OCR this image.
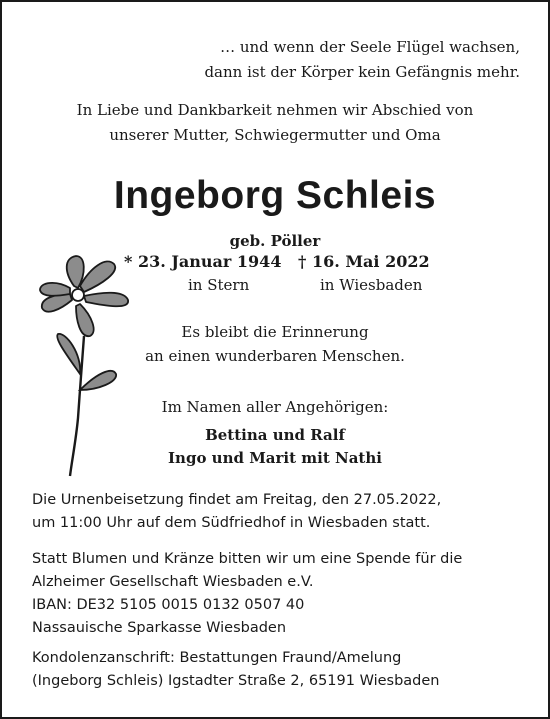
… und wenn der Seele Flügel wachsen,
dann ist der Körper kein Gefängnis mehr.
In Liebe und Dankbarkeit nehmen wir Abschied von
unserer Mutter, Schwiegermutter und Oma
Ingeborg Schleis
geb. Pöller
* 23. Januar 1944 † 16. Mai 2022
in Stern	in Wiesbaden
Es bleibt die Erinnerung
an einen wunderbaren Menschen.
Im Namen aller Angehörigen:
Bettina und Ralf
Ingo und Marit mit Nathi
Die Urnenbeisetzung findet am Freitag, den 27.05.2022,
um 11:00 Uhr auf dem Südfriedhof in Wiesbaden statt.
Statt Blumen und Kränze bitten wir um eine Spende für die
Alzheimer Gesellschaft Wiesbaden e.V.
IBAN: DE32 5105 0015 0132 0507 40
Nassauische Sparkasse Wiesbaden
Kondolenzanschrift: Bestattungen Fraund/Amelung
(Ingeborg Schleis) Igstadter Straße 2, 65191 Wiesbaden
